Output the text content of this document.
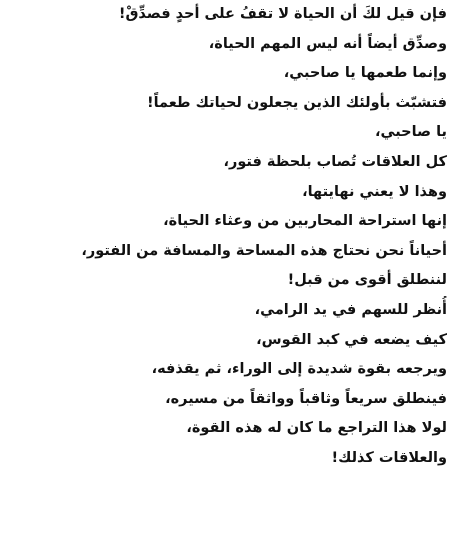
فإن قيل لكَ أن الحياة لا تقفُ على أحدٍ فصدِّقْ!
وصدِّق أيضاً أنه ليس المهم الحياة،
وإنما طعمها يا صاحبي،
فتشبّث بأولئك الذين يجعلون لحياتك طعماً!
يا صاحبي،
كل العلاقات تُصاب بلحظة فتور،
وهذا لا يعني نهايتها،
إنها استراحة المحاربين من وعثاء الحياة،
أحياناً نحن نحتاج هذه المساحة والمسافة من الفتور،
لننطلق أقوى من قبل!
أُنظر للسهم في يد الرامي،
كيف يضعه في كبد القوس،
ويرجعه بقوة شديدة إلى الوراء، ثم يقذفه،
فينطلق سريعاً وثاقباً وواثقاً من مسيره،
لولا هذا التراجع ما كان له هذه القوة،
والعلاقات كذلك!
